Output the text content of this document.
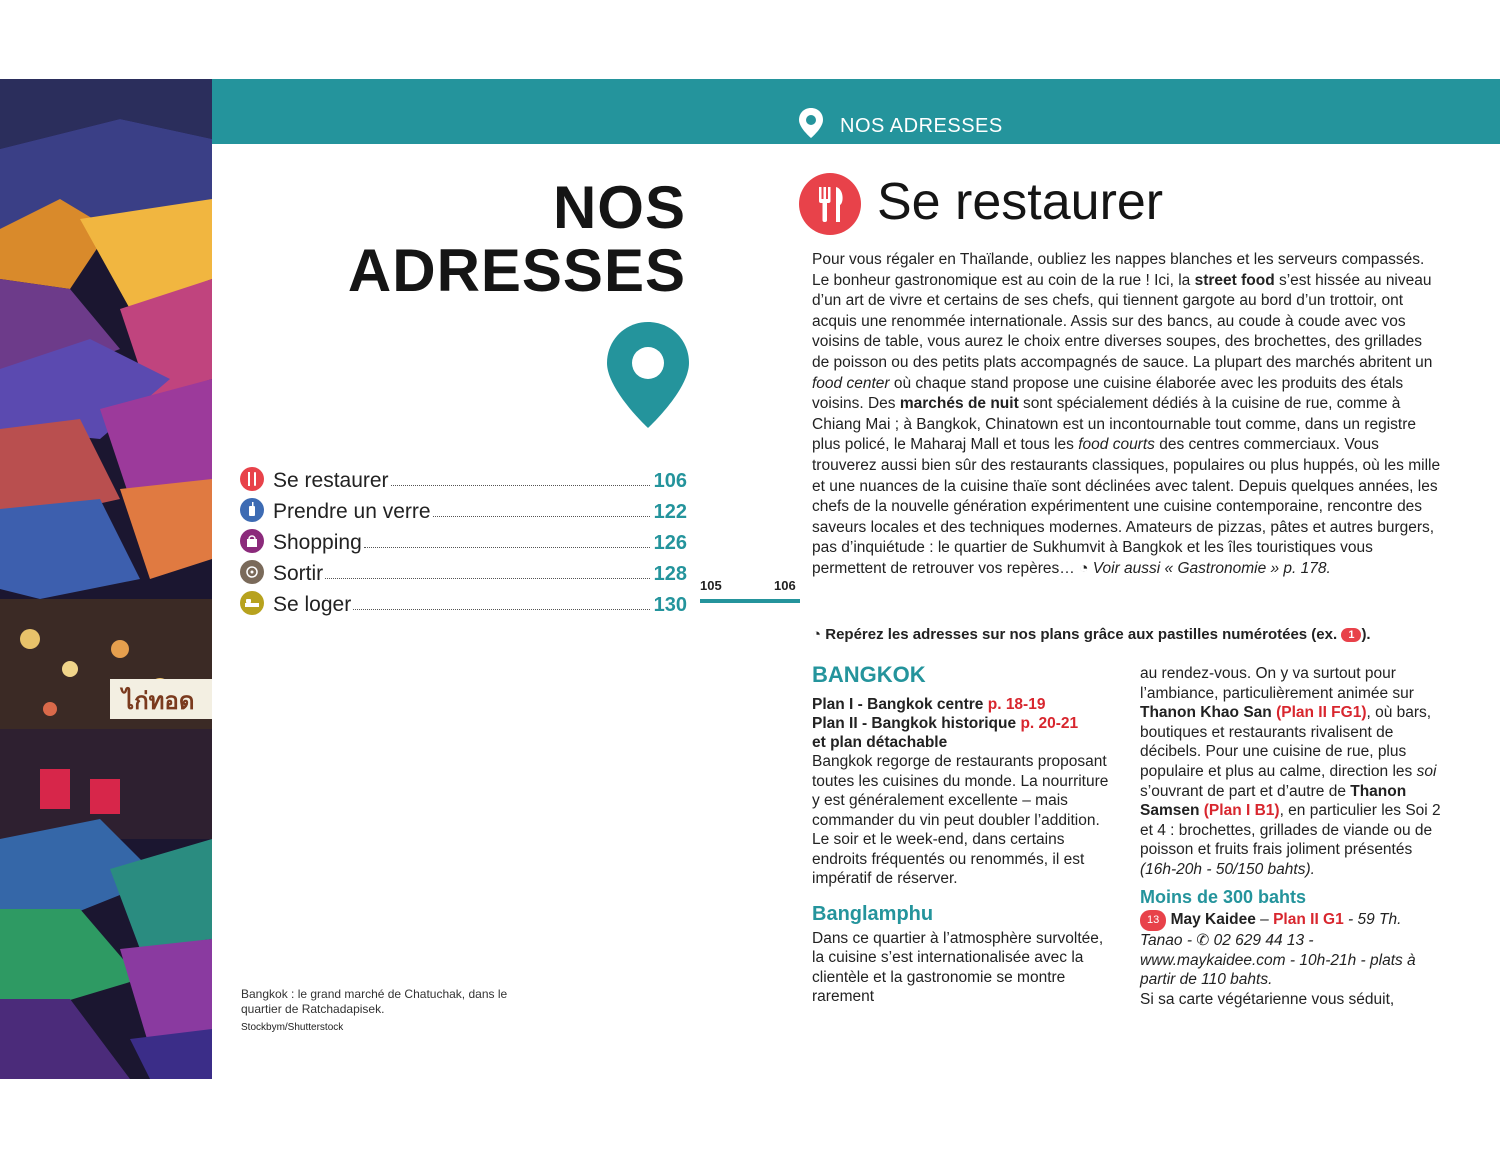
ไก่ทอด
NOS ADRESSES
NOS
ADRESSES
Se restaurer	106
Prendre un verre	122
Shopping	126
Sortir	128
Se loger	130
105	106
Bangkok : le grand marché de Chatuchak, dans le quartier de Ratchadapisek.
Stockbym/Shutterstock
Se restaurer

Pour vous régaler en Thaïlande, oubliez les nappes blanches et les serveurs compassés. Le bonheur gastronomique est au coin de la rue ! Ici, la street food s’est hissée au niveau d’un art de vivre et certains de ses chefs, qui tiennent gargote au bord d’un trottoir, ont acquis une renommée internationale. Assis sur des bancs, au coude à coude avec vos voisins de table, vous aurez le choix entre diverses soupes, des brochettes, des grillades de poisson ou des petits plats accompagnés de sauce. La plupart des marchés abritent un food center où chaque stand propose une cuisine élaborée avec les produits des étals voisins. Des marchés de nuit sont spécialement dédiés à la cuisine de rue, comme à Chiang Mai ; à Bangkok, Chinatown est un incontournable tout comme, dans un registre plus policé, le Maharaj Mall et tous les food courts des centres commerciaux. Vous trouverez aussi bien sûr des restaurants classiques, populaires ou plus huppés, où les mille et une nuances de la cuisine thaïe sont déclinées avec talent. Depuis quelques années, les chefs de la nouvelle génération expérimentent une cuisine contemporaine, rencontre des saveurs locales et des techniques modernes. Amateurs de pizzas, pâtes et autres burgers, pas d’inquiétude : le quartier de Sukhumvit à Bangkok et les îles touristiques vous permettent de retrouver vos repères… ◔ Voir aussi « Gastronomie » p. 178.

◔ Repérez les adresses sur nos plans grâce aux pastilles numérotées (ex. 1 ).
BANGKOK
Plan I - Bangkok centre p. 18-19
Plan II - Bangkok historique p. 20-21
et plan détachable

Bangkok regorge de restaurants proposant toutes les cuisines du monde. La nourriture y est généralement excellente – mais commander du vin peut doubler l’addition. Le soir et le week-end, dans certains endroits fréquentés ou renommés, il est impératif de réserver.

Banglamphu

Dans ce quartier à l’atmosphère survoltée, la cuisine s’est internationalisée avec la clientèle et la gastronomie se montre rarement

au rendez-vous. On y va surtout pour l’ambiance, particulièrement animée sur Thanon Khao San (Plan II FG1), où bars, boutiques et restaurants rivalisent de décibels. Pour une cuisine de rue, plus populaire et plus au calme, direction les soi s’ouvrant de part et d’autre de Thanon Samsen (Plan I B1), en particulier les Soi 2 et 4 : brochettes, grillades de viande ou de poisson et fruits frais joliment présentés (16h-20h - 50/150 bahts).

Moins de 300 bahts

13 May Kaidee – Plan II G1 - 59 Th. Tanao - ✆ 02 629 44 13 - www.maykaidee.com - 10h-21h - plats à partir de 110 bahts.

Si sa carte végétarienne vous séduit,
